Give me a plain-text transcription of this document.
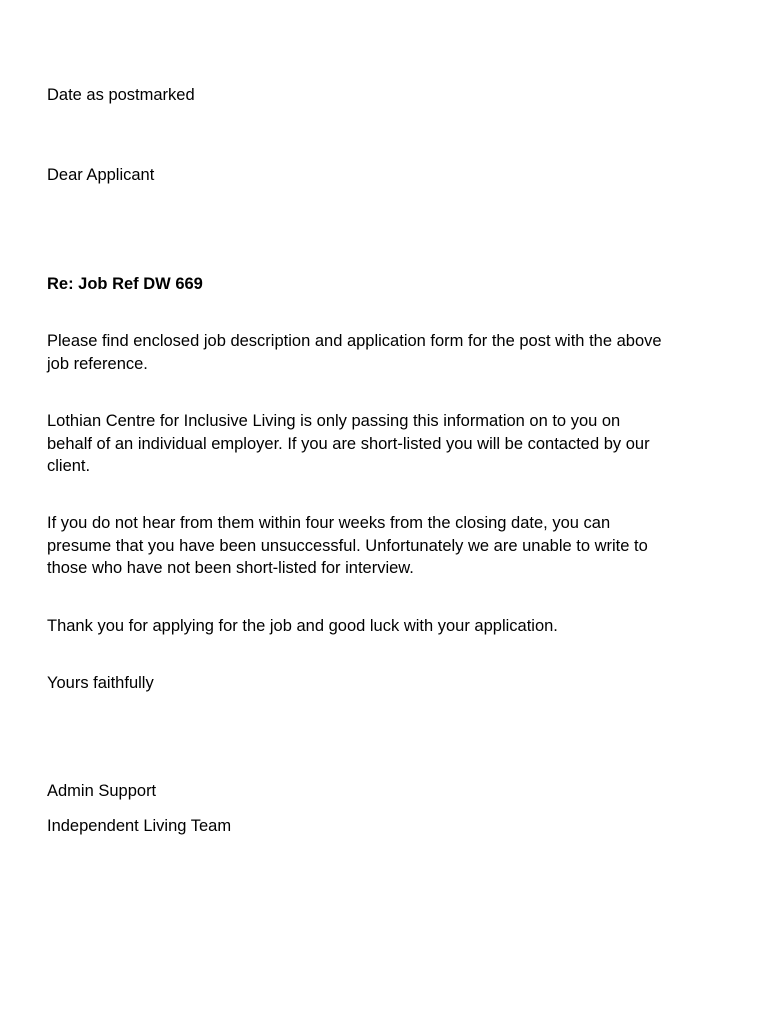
Date as postmarked

Dear Applicant

Re: Job Ref DW 669

Please find enclosed job description and application form for the post with the above
job reference.
Lothian Centre for Inclusive Living is only passing this information on to you on
behalf of an individual employer. If you are short-listed you will be contacted by our
client.
If you do not hear from them within four weeks from the closing date, you can
presume that you have been unsuccessful. Unfortunately we are unable to write to
those who have not been short-listed for interview.

Thank you for applying for the job and good luck with your application.

Yours faithfully

Admin Support

Independent Living Team
